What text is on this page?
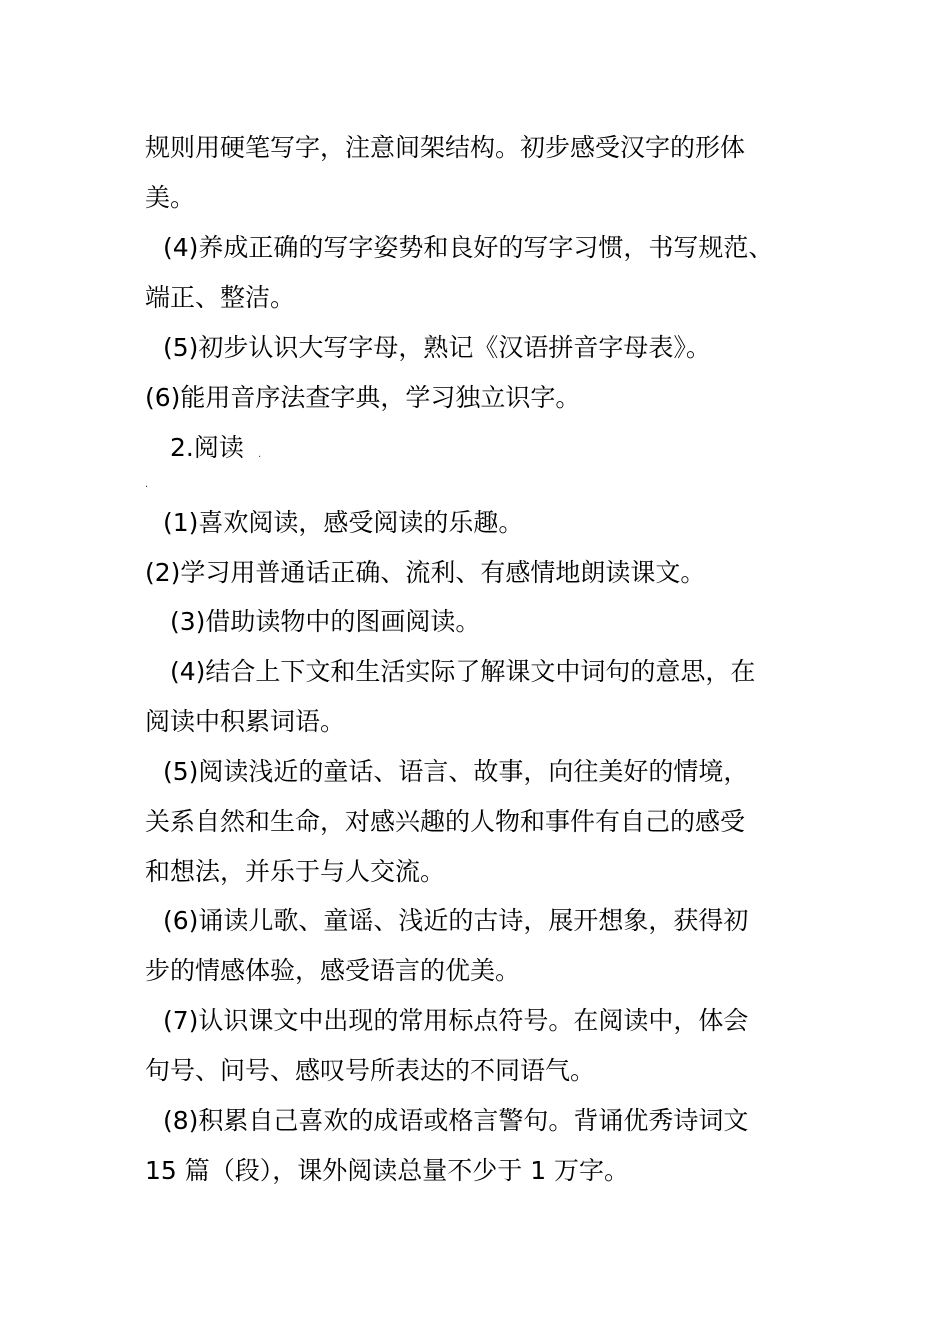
规则用硬笔写字，注意间架结构。初步感受汉字的形体
美。
(4)养成正确的写字姿势和良好的写字习惯，书写规范、
端正、整洁。
(5)初步认识大写字母，熟记《汉语拼音字母表》。
(6)能用音序法查字典，学习独立识字。
2.阅读 .
.
(1)喜欢阅读，感受阅读的乐趣。
(2)学习用普通话正确、流利、有感情地朗读课文。
(3)借助读物中的图画阅读。
(4)结合上下文和生活实际了解课文中词句的意思，在
阅读中积累词语。
(5)阅读浅近的童话、语言、故事，向往美好的情境，
关系自然和生命，对感兴趣的人物和事件有自己的感受
和想法，并乐于与人交流。
(6)诵读儿歌、童谣、浅近的古诗，展开想象，获得初
步的情感体验，感受语言的优美。
(7)认识课文中出现的常用标点符号。在阅读中，体会
句号、问号、感叹号所表达的不同语气。
(8)积累自己喜欢的成语或格言警句。背诵优秀诗词文
15 篇（段），课外阅读总量不少于 1 万字。
